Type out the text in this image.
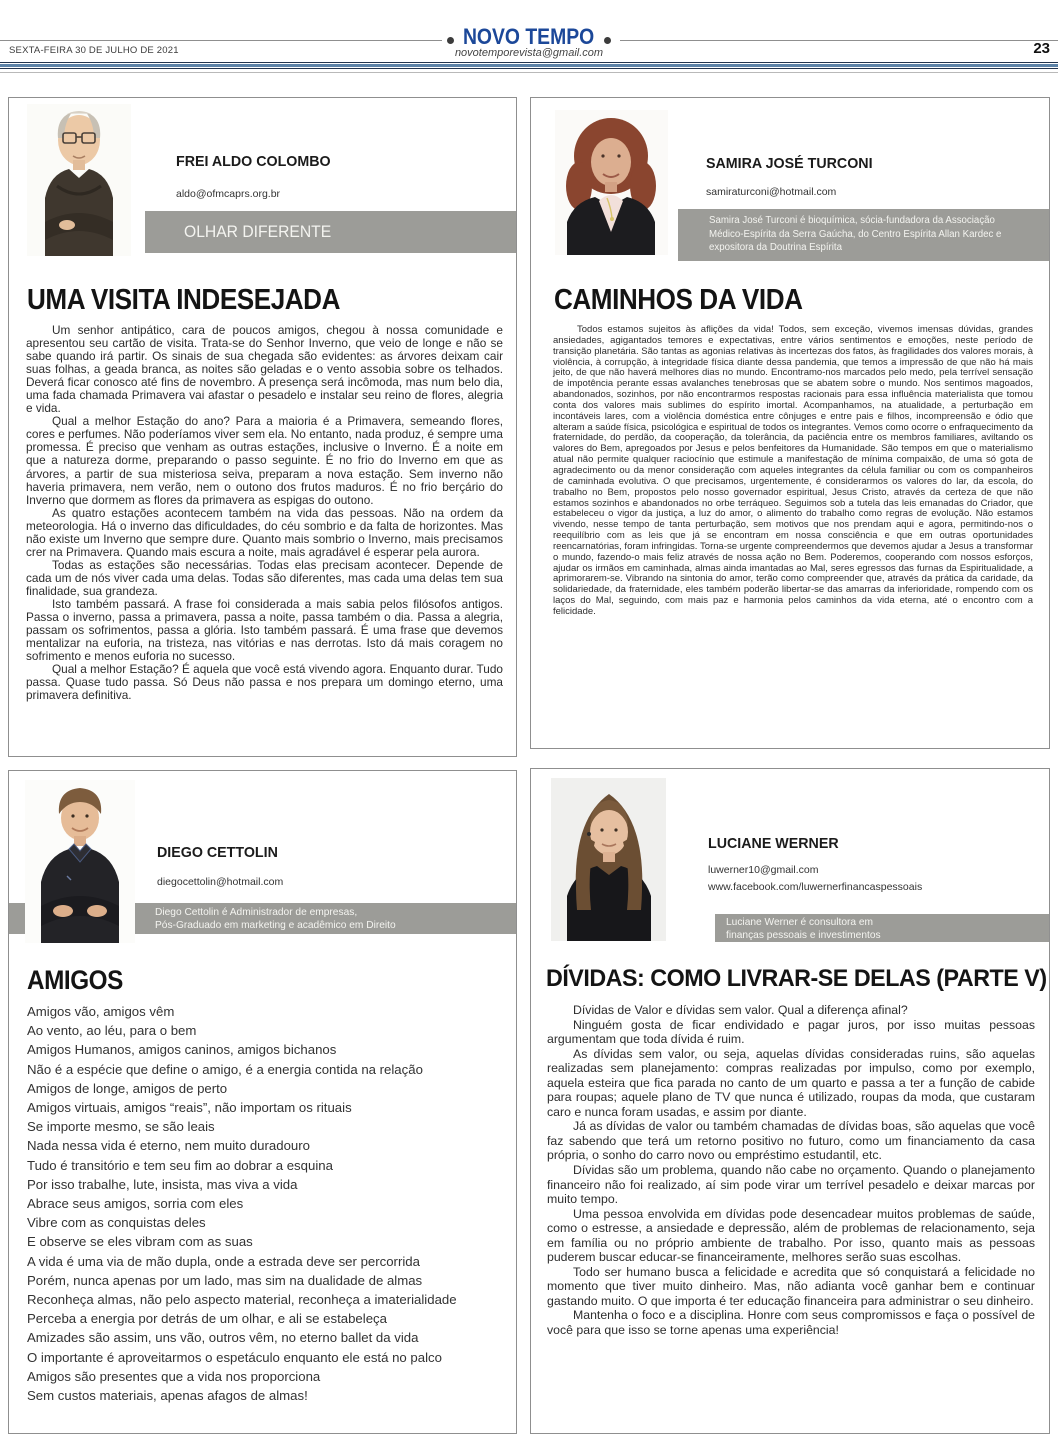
NOVO TEMPO
SEXTA-FEIRA 30 DE JULHO DE 2021	novotemporevista@gmail.com	23
FREI ALDO COLOMBO
aldo@ofmcaprs.org.br
OLHAR DIFERENTE
UMA VISITA INDESEJADA

Um senhor antipático, cara de poucos amigos, chegou à nossa comunidade e apresentou seu cartão de visita. Trata-se do Senhor Inverno, que veio de longe e não se sabe quando irá partir. Os sinais de sua chegada são evidentes: as árvores deixam cair suas folhas, a geada branca, as noites são geladas e o vento assobia sobre os telhados. Deverá ficar conosco até fins de novembro. A presença será incômoda, mas num belo dia, uma fada chamada Primavera vai afastar o pesadelo e instalar seu reino de flores, alegria e vida.

Qual a melhor Estação do ano? Para a maioria é a Primavera, semeando flores, cores e perfumes. Não poderíamos viver sem ela. No entanto, nada produz, é sempre uma promessa. É preciso que venham as outras estações, inclusive o Inverno. É a noite em que a natureza dorme, preparando o passo seguinte. É no frio do Inverno em que as árvores, a partir de sua misteriosa seiva, preparam a nova estação. Sem inverno não haveria primavera, nem verão, nem o outono dos frutos maduros. É no frio berçário do Inverno que dormem as flores da primavera as espigas do outono.

As quatro estações acontecem também na vida das pessoas. Não na ordem da meteorologia. Há o inverno das dificuldades, do céu sombrio e da falta de horizontes. Mas não existe um Inverno que sempre dure. Quanto mais sombrio o Inverno, mais precisamos crer na Primavera. Quando mais escura a noite, mais agradável é esperar pela aurora.

Todas as estações são necessárias. Todas elas precisam acontecer. Depende de cada um de nós viver cada uma delas. Todas são diferentes, mas cada uma delas tem sua finalidade, sua grandeza.

Isto também passará. A frase foi considerada a mais sabia pelos filósofos antigos. Passa o inverno, passa a primavera, passa a noite, passa também o dia. Passa a alegria, passam os sofrimentos, passa a glória. Isto também passará. É uma frase que devemos mentalizar na euforia, na tristeza, nas vitórias e nas derrotas. Isto dá mais coragem no sofrimento e menos euforia no sucesso.

Qual a melhor Estação? É aquela que você está vivendo agora. Enquanto durar. Tudo passa. Quase tudo passa. Só Deus não passa e nos prepara um domingo eterno, uma primavera definitiva.

SAMIRA JOSÉ TURCONI
samiraturconi@hotmail.com
Samira José Turconi é bioquímica, sócia-fundadora da Associação
Médico-Espírita da Serra Gaúcha, do Centro Espírita Allan Kardec e
expositora da Doutrina Espírita
CAMINHOS DA VIDA

Todos estamos sujeitos às aflições da vida! Todos, sem exceção, vivemos imensas dúvidas, grandes ansiedades, agigantados temores e expectativas, entre vários sentimentos e emoções, neste período de transição planetária. São tantas as agonias relativas às incertezas dos fatos, às fragilidades dos valores morais, à violência, à corrupção, à integridade física diante dessa pandemia, que temos a impressão de que não há mais jeito, de que não haverá melhores dias no mundo. Encontramo-nos marcados pelo medo, pela terrível sensação de impotência perante essas avalanches tenebrosas que se abatem sobre o mundo. Nos sentimos magoados, abandonados, sozinhos, por não encontrarmos respostas racionais para essa influência materialista que tomou conta dos valores mais sublimes do espírito imortal. Acompanhamos, na atualidade, a perturbação em incontáveis lares, com a violência doméstica entre cônjuges e entre pais e filhos, incompreensão e ódio que alteram a saúde física, psicológica e espiritual de todos os integrantes. Vemos como ocorre o enfraquecimento da fraternidade, do perdão, da cooperação, da tolerância, da paciência entre os membros familiares, aviltando os valores do Bem, apregoados por Jesus e pelos benfeitores da Humanidade. São tempos em que o materialismo atual não permite qualquer raciocínio que estimule a manifestação de mínima compaixão, de uma só gota de agradecimento ou da menor consideração com aqueles integrantes da célula familiar ou com os companheiros de caminhada evolutiva. O que precisamos, urgentemente, é considerarmos os valores do lar, da escola, do trabalho no Bem, propostos pelo nosso governador espiritual, Jesus Cristo, através da certeza de que não estamos sozinhos e abandonados no orbe terráqueo. Seguimos sob a tutela das leis emanadas do Criador, que estabeleceu o vigor da justiça, a luz do amor, o alimento do trabalho como regras de evolução. Não estamos vivendo, nesse tempo de tanta perturbação, sem motivos que nos prendam aqui e agora, permitindo-nos o reequilíbrio com as leis que já se encontram em nossa consciência e que em outras oportunidades reencarnatórias, foram infringidas. Torna-se urgente compreendermos que devemos ajudar a Jesus a transformar o mundo, fazendo-o mais feliz através de nossa ação no Bem. Poderemos, cooperando com nossos esforços, ajudar os irmãos em caminhada, almas ainda imantadas ao Mal, seres egressos das furnas da Espiritualidade, a aprimorarem-se. Vibrando na sintonia do amor, terão como compreender que, através da prática da caridade, da solidariedade, da fraternidade, eles também poderão libertar-se das amarras da inferioridade, rompendo com os laços do Mal, seguindo, com mais paz e harmonia pelos caminhos da vida eterna, até o encontro com a felicidade.

DIEGO CETTOLIN
diegocettolin@hotmail.com
Diego Cettolin é Administrador de empresas,
Pós-Graduado em marketing e acadêmico em Direito
AMIGOS
Amigos vão, amigos vêm
Ao vento, ao léu, para o bem
Amigos Humanos, amigos caninos, amigos bichanos
Não é a espécie que define o amigo, é a energia contida na relação
Amigos de longe, amigos de perto
Amigos virtuais, amigos “reais”, não importam os rituais
Se importe mesmo, se são leais
Nada nessa vida é eterno, nem muito duradouro
Tudo é transitório e tem seu fim ao dobrar a esquina
Por isso trabalhe, lute, insista, mas viva a vida
Abrace seus amigos, sorria com eles
Vibre com as conquistas deles
E observe se eles vibram com as suas
A vida é uma via de mão dupla, onde a estrada deve ser percorrida
Porém, nunca apenas por um lado, mas sim na dualidade de almas
Reconheça almas, não pelo aspecto material, reconheça a imaterialidade
Perceba a energia por detrás de um olhar, e ali se estabeleça
Amizades são assim, uns vão, outros vêm, no eterno ballet da vida
O importante é aproveitarmos o espetáculo enquanto ele está no palco
Amigos são presentes que a vida nos proporciona
Sem custos materiais, apenas afagos de almas!
LUCIANE WERNER
luwerner10@gmail.com
www.facebook.com/luwernerfinancaspessoais
Luciane Werner é consultora em
finanças pessoais e investimentos
DÍVIDAS: COMO LIVRAR-SE DELAS (PARTE V)

Dívidas de Valor e dívidas sem valor. Qual a diferença afinal?

Ninguém gosta de ficar endividado e pagar juros, por isso muitas pessoas argumentam que toda dívida é ruim.

As dívidas sem valor, ou seja, aquelas dívidas consideradas ruins, são aquelas realizadas sem planejamento: compras realizadas por impulso, como por exemplo, aquela esteira que fica parada no canto de um quarto e passa a ter a função de cabide para roupas; aquele plano de TV que nunca é utilizado, roupas da moda, que custaram caro e nunca foram usadas, e assim por diante.

Já as dívidas de valor ou também chamadas de dívidas boas, são aquelas que você faz sabendo que terá um retorno positivo no futuro, como um financiamento da casa própria, o sonho do carro novo ou empréstimo estudantil, etc.

Dívidas são um problema, quando não cabe no orçamento. Quando o planejamento financeiro não foi realizado, aí sim pode virar um terrível pesadelo e deixar marcas por muito tempo.

Uma pessoa envolvida em dívidas pode desencadear muitos problemas de saúde, como o estresse, a ansiedade e depressão, além de problemas de relacionamento, seja em família ou no próprio ambiente de trabalho. Por isso, quanto mais as pessoas puderem buscar educar-se financeiramente, melhores serão suas escolhas.

Todo ser humano busca a felicidade e acredita que só conquistará a felicidade no momento que tiver muito dinheiro. Mas, não adianta você ganhar bem e continuar gastando muito. O que importa é ter educação financeira para administrar o seu dinheiro.

Mantenha o foco e a disciplina. Honre com seus compromissos e faça o possível de você para que isso se torne apenas uma experiência!
